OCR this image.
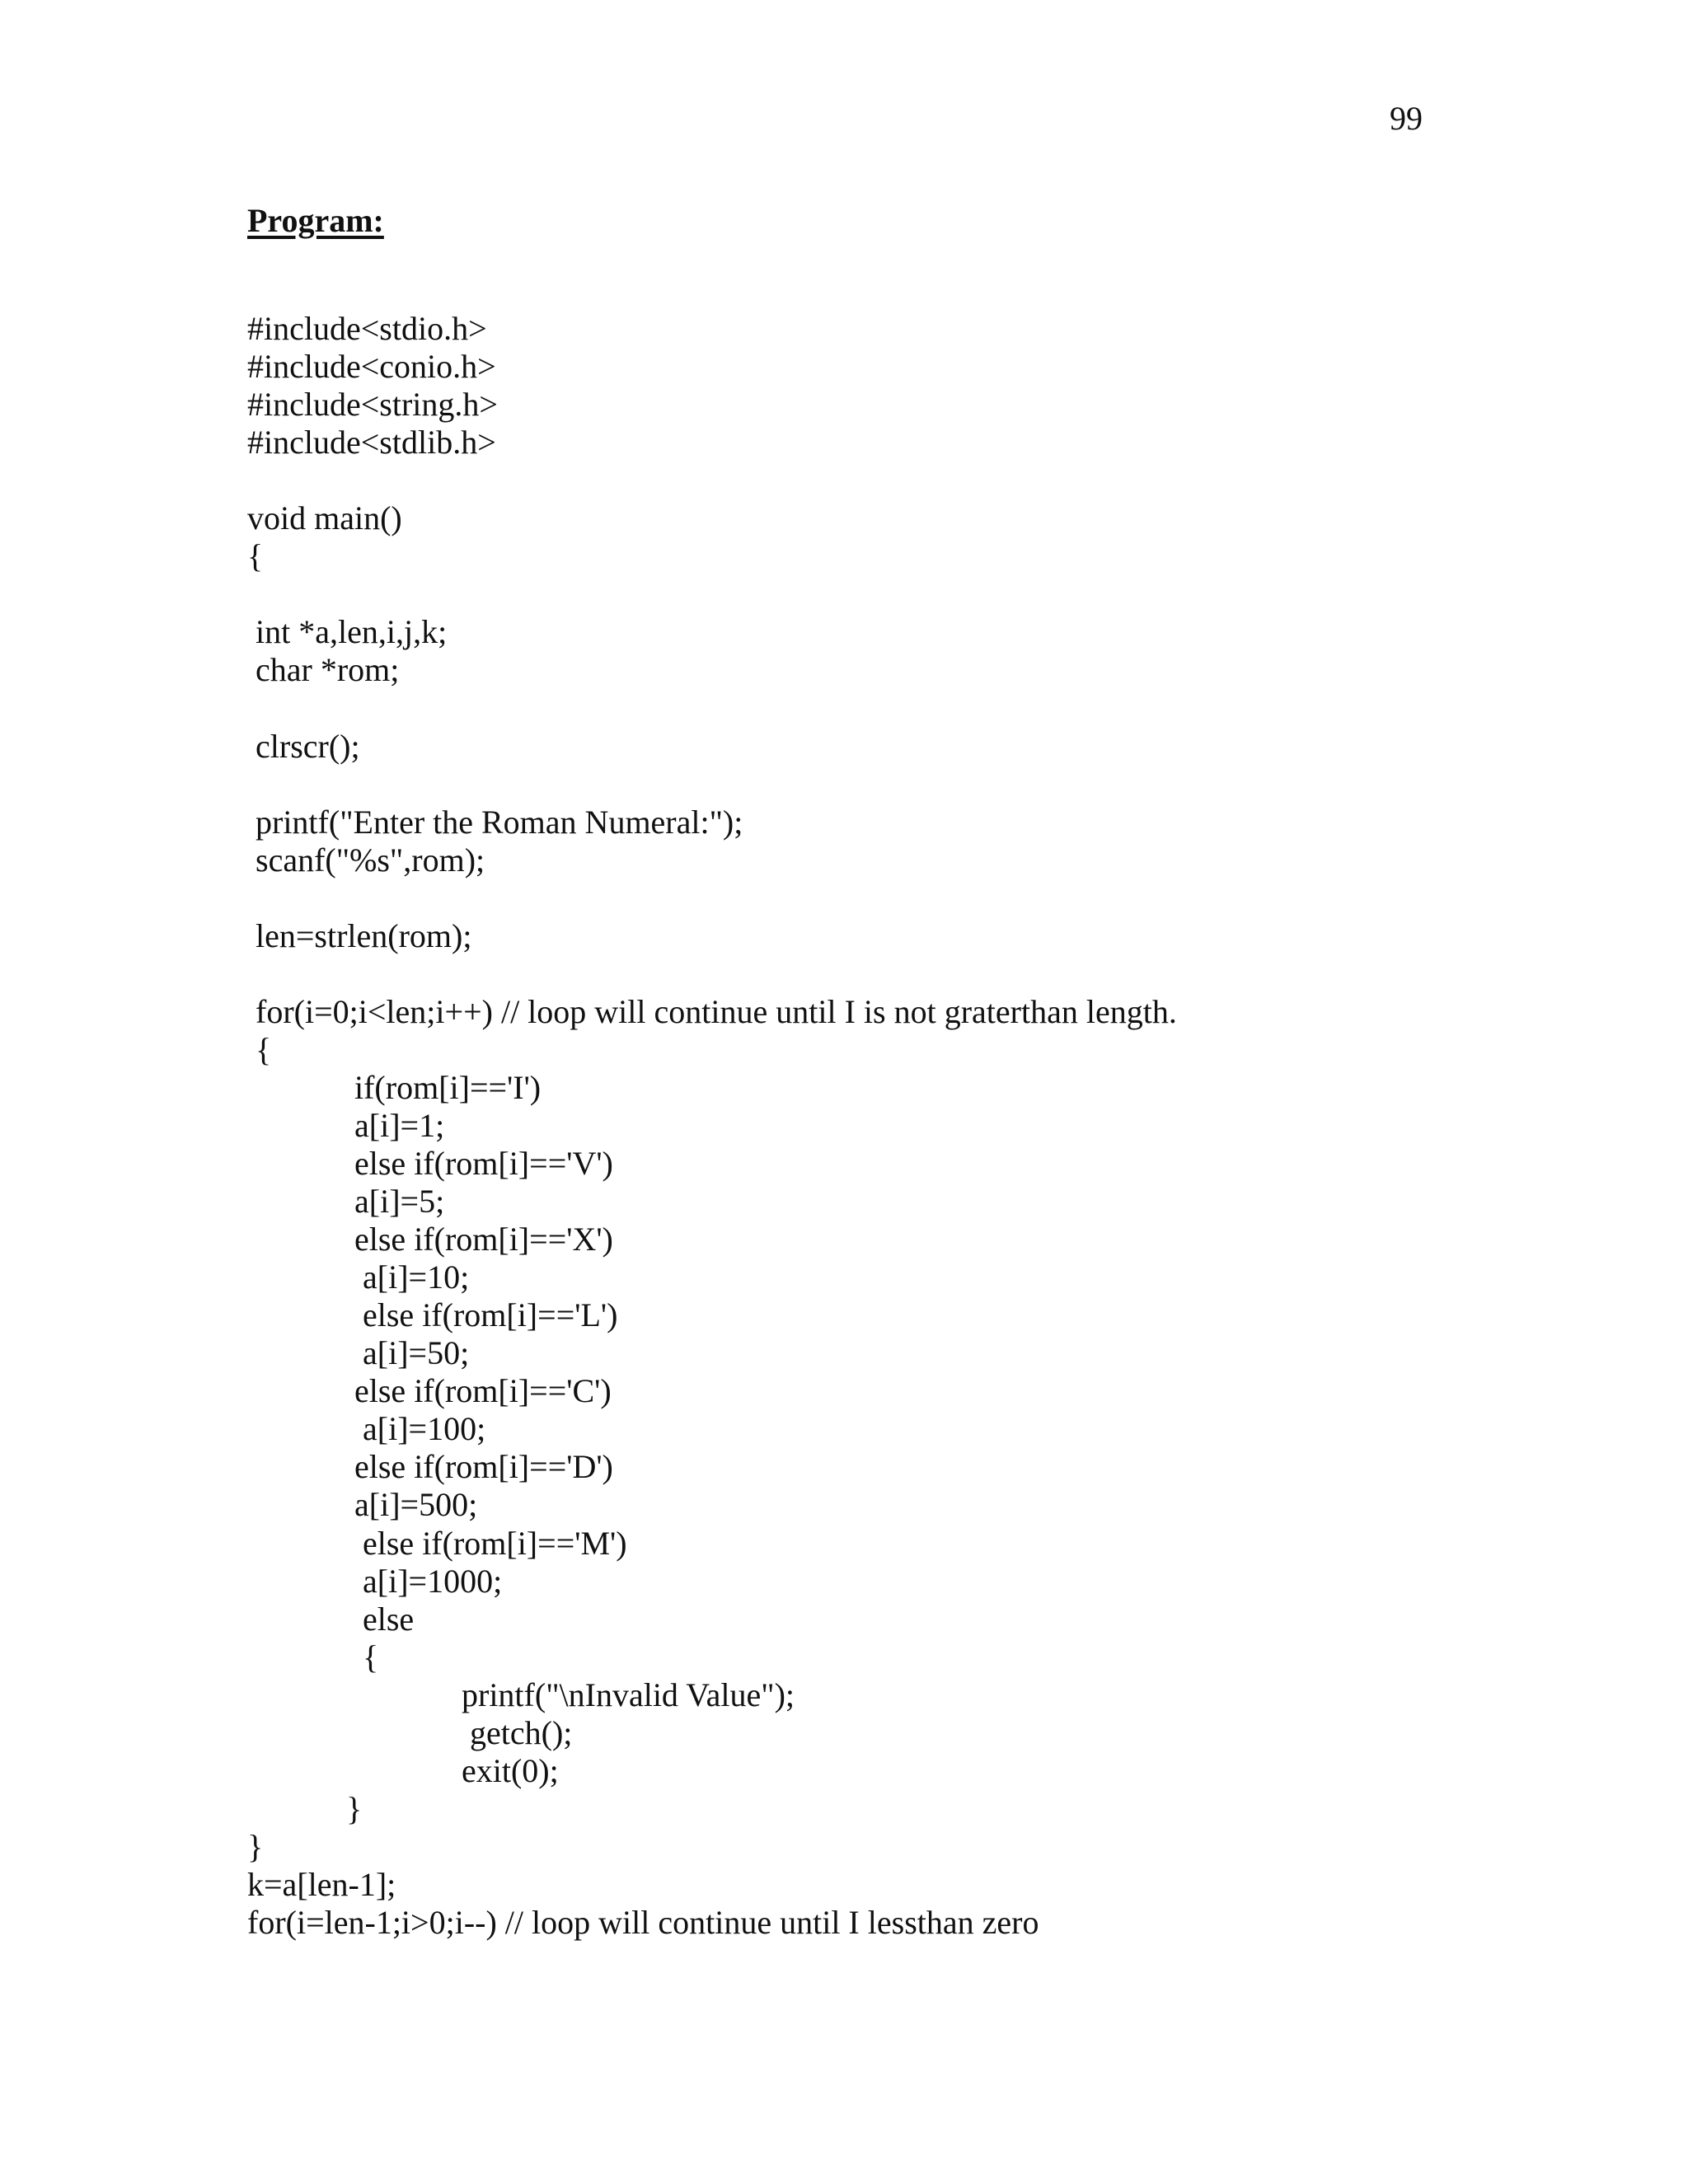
99
Program:
#include<stdio.h>
#include<conio.h>
#include<string.h>
#include<stdlib.h>
void main()
{
int *a,len,i,j,k;
char *rom;
clrscr();
printf("Enter the Roman Numeral:");
scanf("%s",rom);
len=strlen(rom);
for(i=0;i<len;i++) // loop will continue until I is not graterthan length.
{
if(rom[i]=='I')
a[i]=1;
else if(rom[i]=='V')
a[i]=5;
else if(rom[i]=='X')
a[i]=10;
else if(rom[i]=='L')
a[i]=50;
else if(rom[i]=='C')
a[i]=100;
else if(rom[i]=='D')
a[i]=500;
else if(rom[i]=='M')
a[i]=1000;
else
{
printf("\nInvalid Value");
getch();
exit(0);
}
}
k=a[len-1];
for(i=len-1;i>0;i--) // loop will continue until I lessthan zero
